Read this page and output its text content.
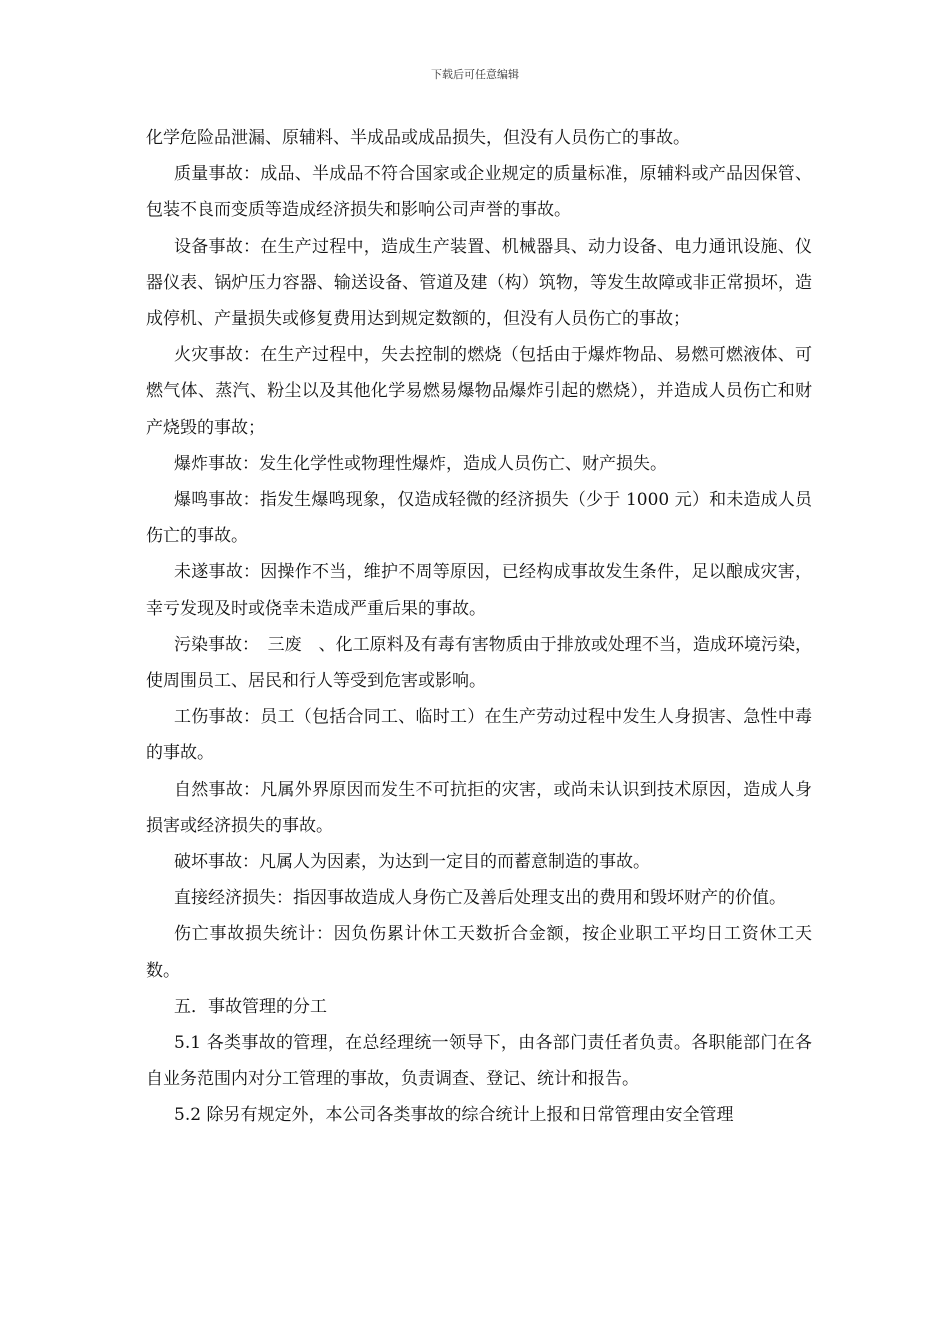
下载后可任意编辑

化学危险品泄漏、原辅料、半成品或成品损失，但没有人员伤亡的事故。

质量事故：成品、半成品不符合国家或企业规定的质量标准，原辅料或产品因保管、包装不良而变质等造成经济损失和影响公司声誉的事故。

设备事故：在生产过程中，造成生产装置、机械器具、动力设备、电力通讯设施、仪器仪表、锅炉压力容器、输送设备、管道及建（构）筑物，等发生故障或非正常损坏，造成停机、产量损失或修复费用达到规定数额的，但没有人员伤亡的事故；

火灾事故：在生产过程中，失去控制的燃烧（包括由于爆炸物品、易燃可燃液体、可燃气体、蒸汽、粉尘以及其他化学易燃易爆物品爆炸引起的燃烧），并造成人员伤亡和财产烧毁的事故；

爆炸事故：发生化学性或物理性爆炸，造成人员伤亡、财产损失。

爆鸣事故：指发生爆鸣现象，仅造成轻微的经济损失（少于 1000 元）和未造成人员伤亡的事故。

未遂事故：因操作不当，维护不周等原因，已经构成事故发生条件，足以酿成灾害，幸亏发现及时或侥幸未造成严重后果的事故。

污染事故：　三废　、化工原料及有毒有害物质由于排放或处理不当，造成环境污染，使周围员工、居民和行人等受到危害或影响。

工伤事故：员工（包括合同工、临时工）在生产劳动过程中发生人身损害、急性中毒的事故。

自然事故：凡属外界原因而发生不可抗拒的灾害，或尚未认识到技术原因，造成人身损害或经济损失的事故。

破坏事故：凡属人为因素，为达到一定目的而蓄意制造的事故。

直接经济损失：指因事故造成人身伤亡及善后处理支出的费用和毁坏财产的价值。

伤亡事故损失统计：因负伤累计休工天数折合金额，按企业职工平均日工资休工天数。

五．事故管理的分工

5.1 各类事故的管理，在总经理统一领导下，由各部门责任者负责。各职能部门在各自业务范围内对分工管理的事故，负责调查、登记、统计和报告。

5.2 除另有规定外，本公司各类事故的综合统计上报和日常管理由安全管理
